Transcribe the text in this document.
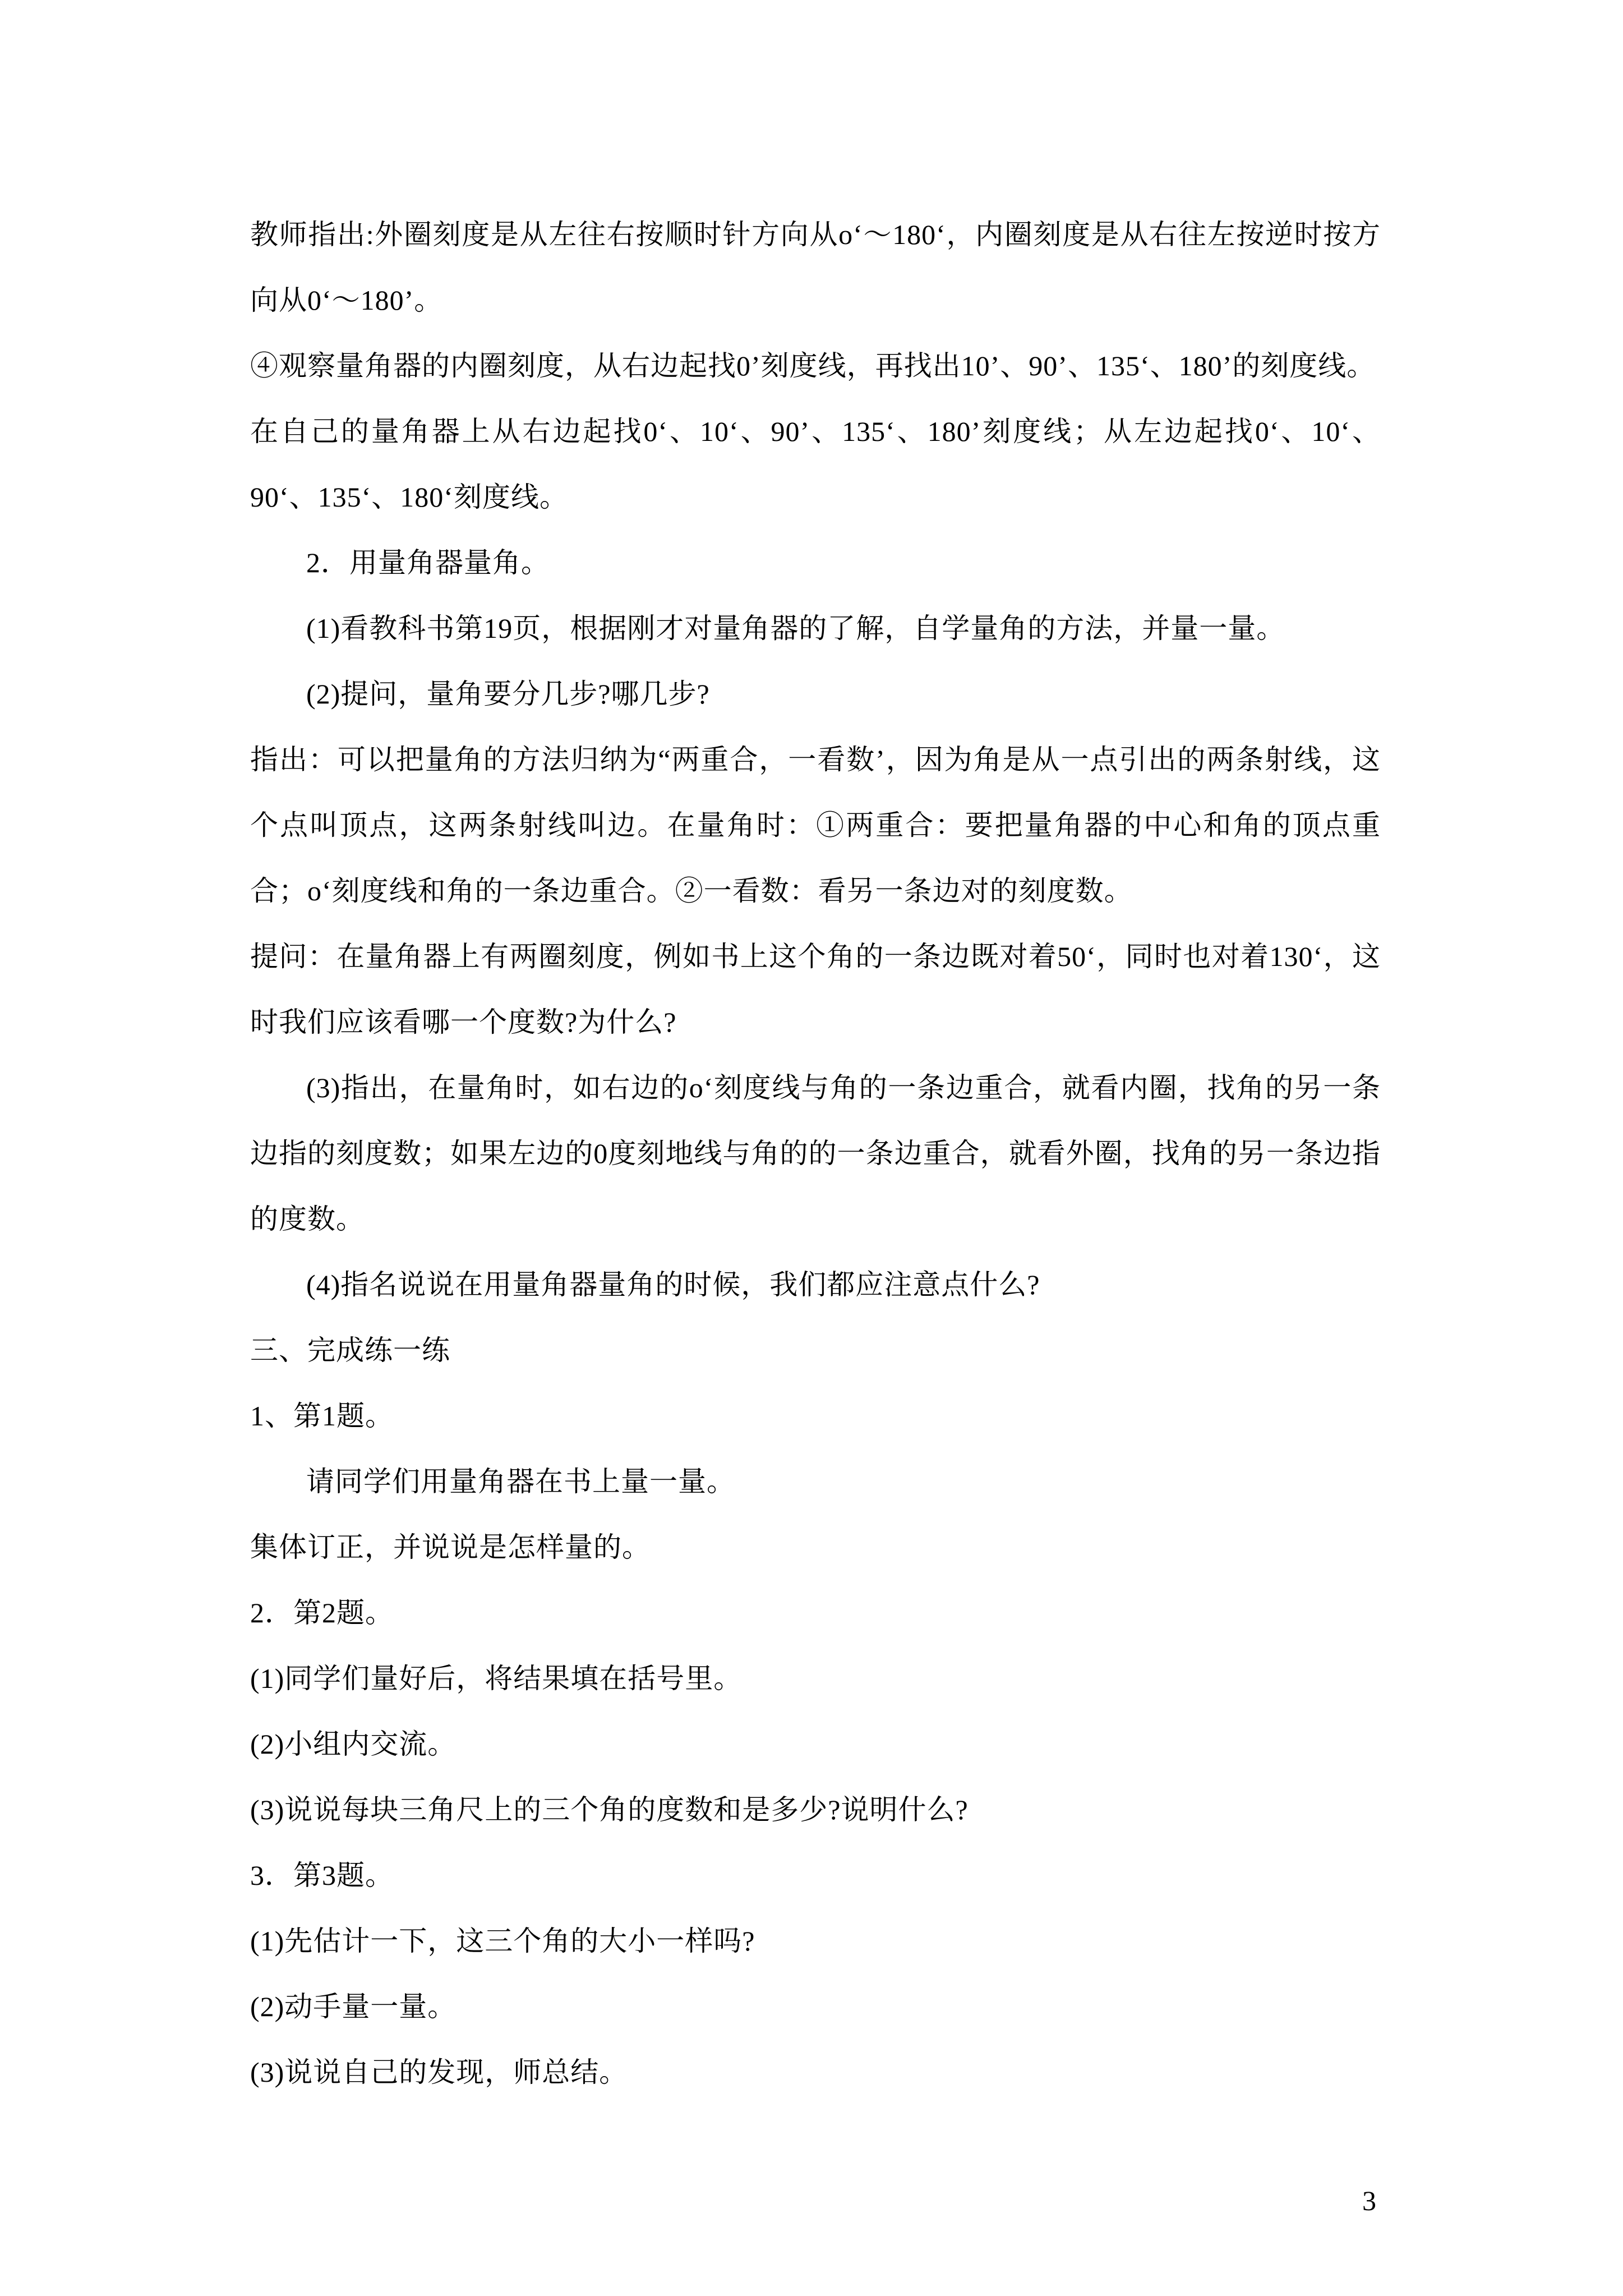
教师指出:外圈刻度是从左往右按顺时针方向从o‘～180‘，内圈刻度是从右往左按逆时按方向从0‘～180’。

④观察量角器的内圈刻度，从右边起找0’刻度线，再找出10’、90’、135‘、180’的刻度线。

在自己的量角器上从右边起找0‘、10‘、90’、135‘、180’刻度线；从左边起找0‘、10‘、90‘、135‘、180‘刻度线。

2．用量角器量角。

(1)看教科书第19页，根据刚才对量角器的了解，自学量角的方法，并量一量。

(2)提问，量角要分几步?哪几步?

指出：可以把量角的方法归纳为“两重合，一看数’，因为角是从一点引出的两条射线，这个点叫顶点，这两条射线叫边。在量角时：①两重合：要把量角器的中心和角的顶点重合；o‘刻度线和角的一条边重合。②一看数：看另一条边对的刻度数。

提问：在量角器上有两圈刻度，例如书上这个角的一条边既对着50‘，同时也对着130‘，这时我们应该看哪一个度数?为什么?

(3)指出，在量角时，如右边的o‘刻度线与角的一条边重合，就看内圈，找角的另一条边指的刻度数；如果左边的0度刻地线与角的的一条边重合，就看外圈，找角的另一条边指的度数。

(4)指名说说在用量角器量角的时候，我们都应注意点什么?

三、完成练一练

1、第1题。

请同学们用量角器在书上量一量。

集体订正，并说说是怎样量的。

2．第2题。

(1)同学们量好后，将结果填在括号里。

(2)小组内交流。

(3)说说每块三角尺上的三个角的度数和是多少?说明什么?

3．第3题。

(1)先估计一下，这三个角的大小一样吗?

(2)动手量一量。

(3)说说自己的发现，师总结。

3
